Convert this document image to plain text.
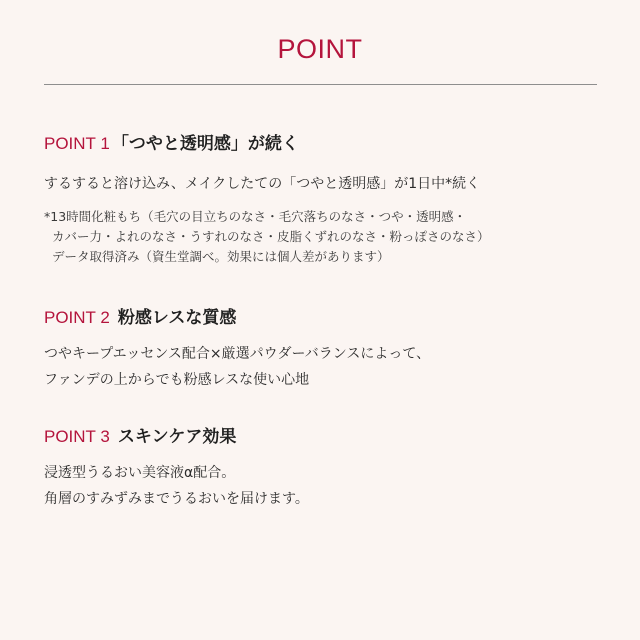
POINT
POINT 1 「つやと透明感」が続く
するすると溶け込み、メイクしたての「つやと透明感」が1日中*続く
*13時間化粧もち（毛穴の目立ちのなさ・毛穴落ちのなさ・つや・透明感・
カバー力・よれのなさ・うすれのなさ・皮脂くずれのなさ・粉っぽさのなさ）
データ取得済み（資生堂調べ。効果には個人差があります）
POINT 2 粉感レスな質感
つやキープエッセンス配合×厳選パウダーバランスによって、
ファンデの上からでも粉感レスな使い心地
POINT 3 スキンケア効果
浸透型うるおい美容液α配合。
角層のすみずみまでうるおいを届けます。
